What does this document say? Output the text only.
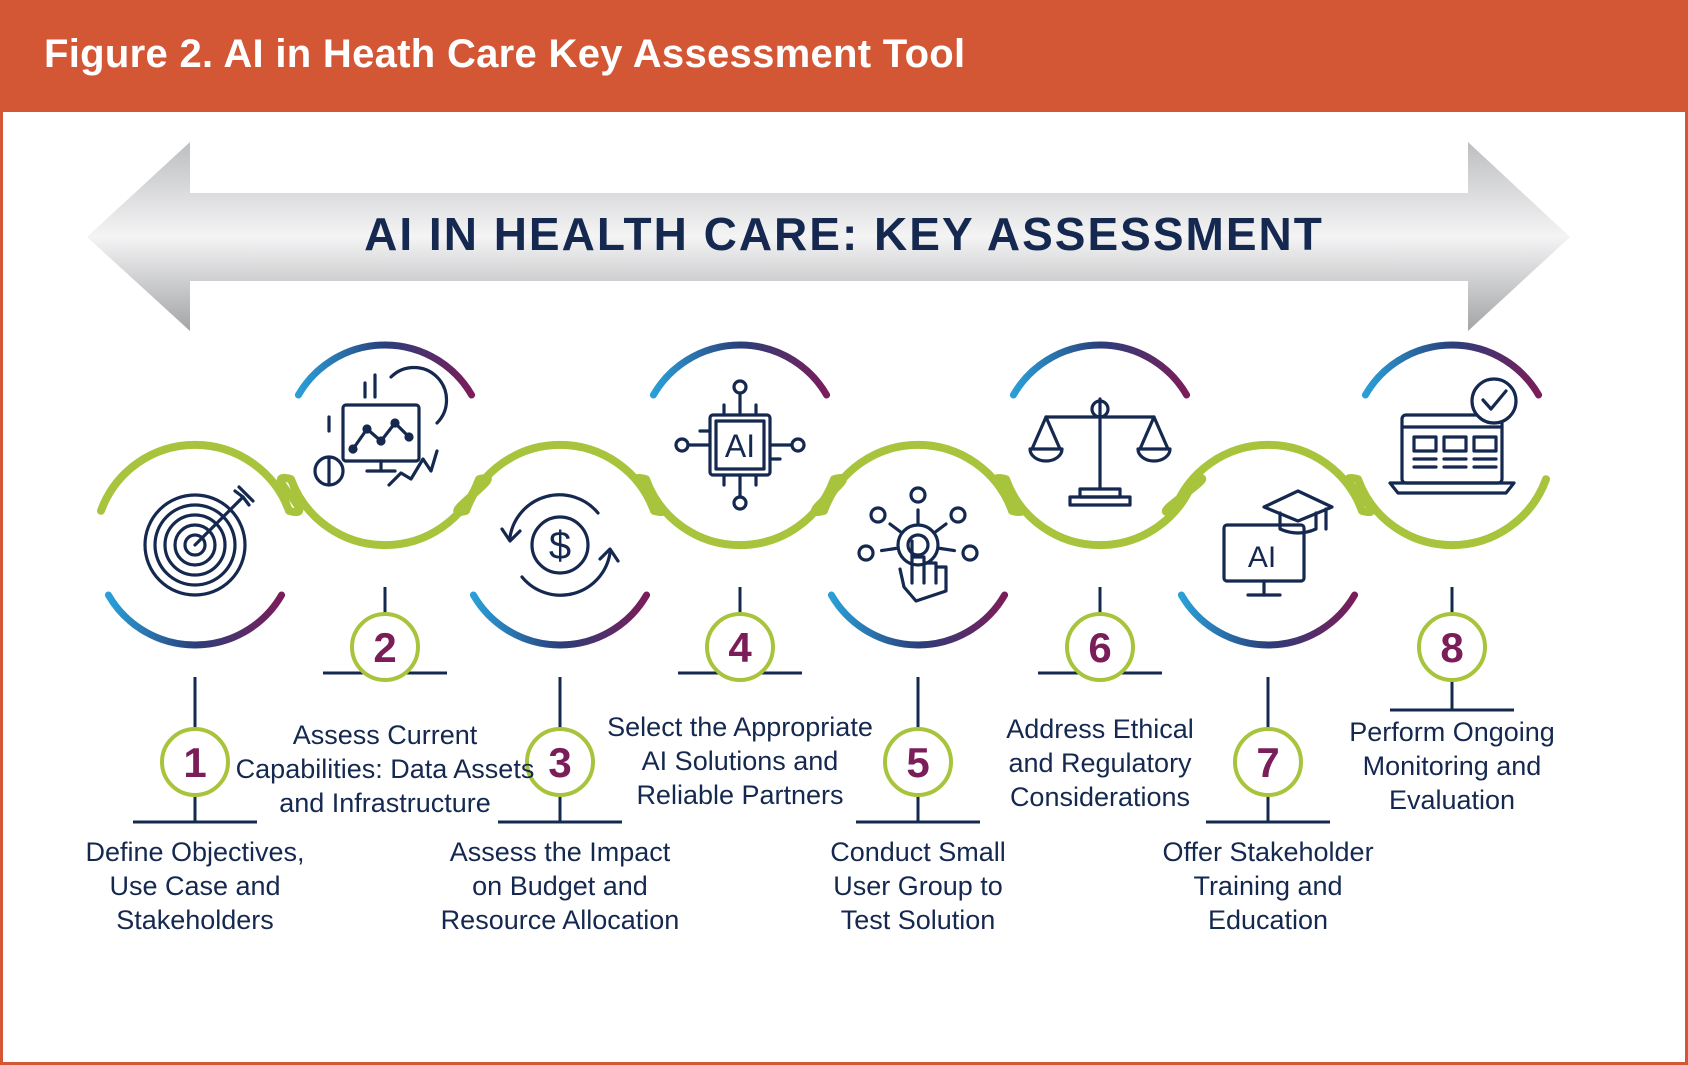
Figure 2. AI in Heath Care Key Assessment Tool
AI IN HEALTH CARE: KEY ASSESSMENT
1
2
$
3
AI
4
5
6
AI
7
8
Define Objectives,
Use Case and
Stakeholders
Assess Current
Capabilities: Data Assets
and Infrastructure
Assess the Impact
on Budget and
Resource Allocation
Select the Appropriate
AI Solutions and
Reliable Partners
Conduct Small
User Group to
Test Solution
Address Ethical
and Regulatory
Considerations
Offer Stakeholder
Training and
Education
Perform Ongoing
Monitoring and
Evaluation
